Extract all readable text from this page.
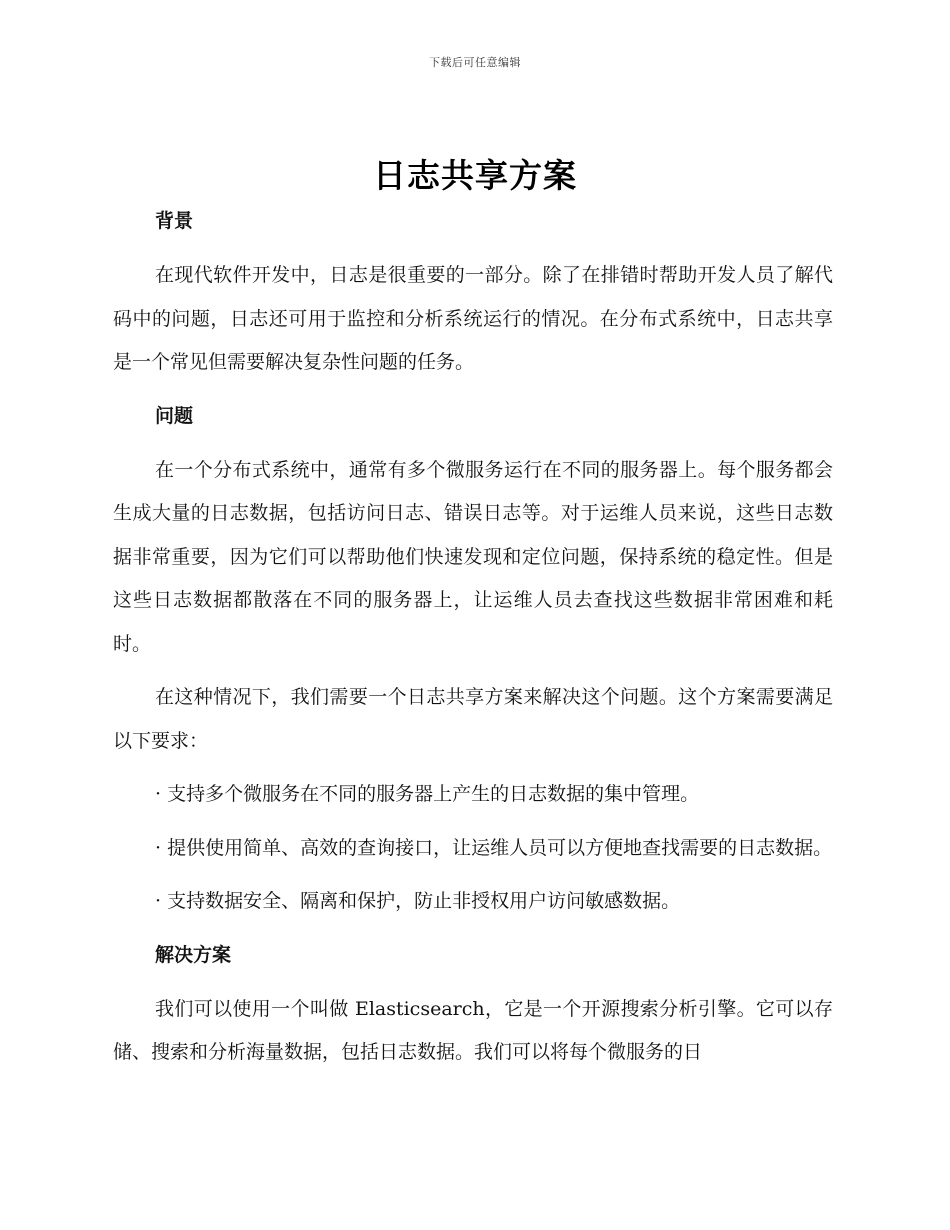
下载后可任意编辑
日志共享方案
背景

在现代软件开发中，日志是很重要的一部分。除了在排错时帮助开发人员了解代码中的问题，日志还可用于监控和分析系统运行的情况。在分布式系统中，日志共享是一个常见但需要解决复杂性问题的任务。

问题

在一个分布式系统中，通常有多个微服务运行在不同的服务器上。每个服务都会生成大量的日志数据，包括访问日志、错误日志等。对于运维人员来说，这些日志数据非常重要，因为它们可以帮助他们快速发现和定位问题，保持系统的稳定性。但是这些日志数据都散落在不同的服务器上，让运维人员去查找这些数据非常困难和耗时。

在这种情况下，我们需要一个日志共享方案来解决这个问题。这个方案需要满足以下要求：

· 支持多个微服务在不同的服务器上产生的日志数据的集中管理。

· 提供使用简单、高效的查询接口，让运维人员可以方便地查找需要的日志数据。

· 支持数据安全、隔离和保护，防止非授权用户访问敏感数据。

解决方案

我们可以使用一个叫做 Elasticsearch，它是一个开源搜索分析引擎。它可以存储、搜索和分析海量数据，包括日志数据。我们可以将每个微服务的日
